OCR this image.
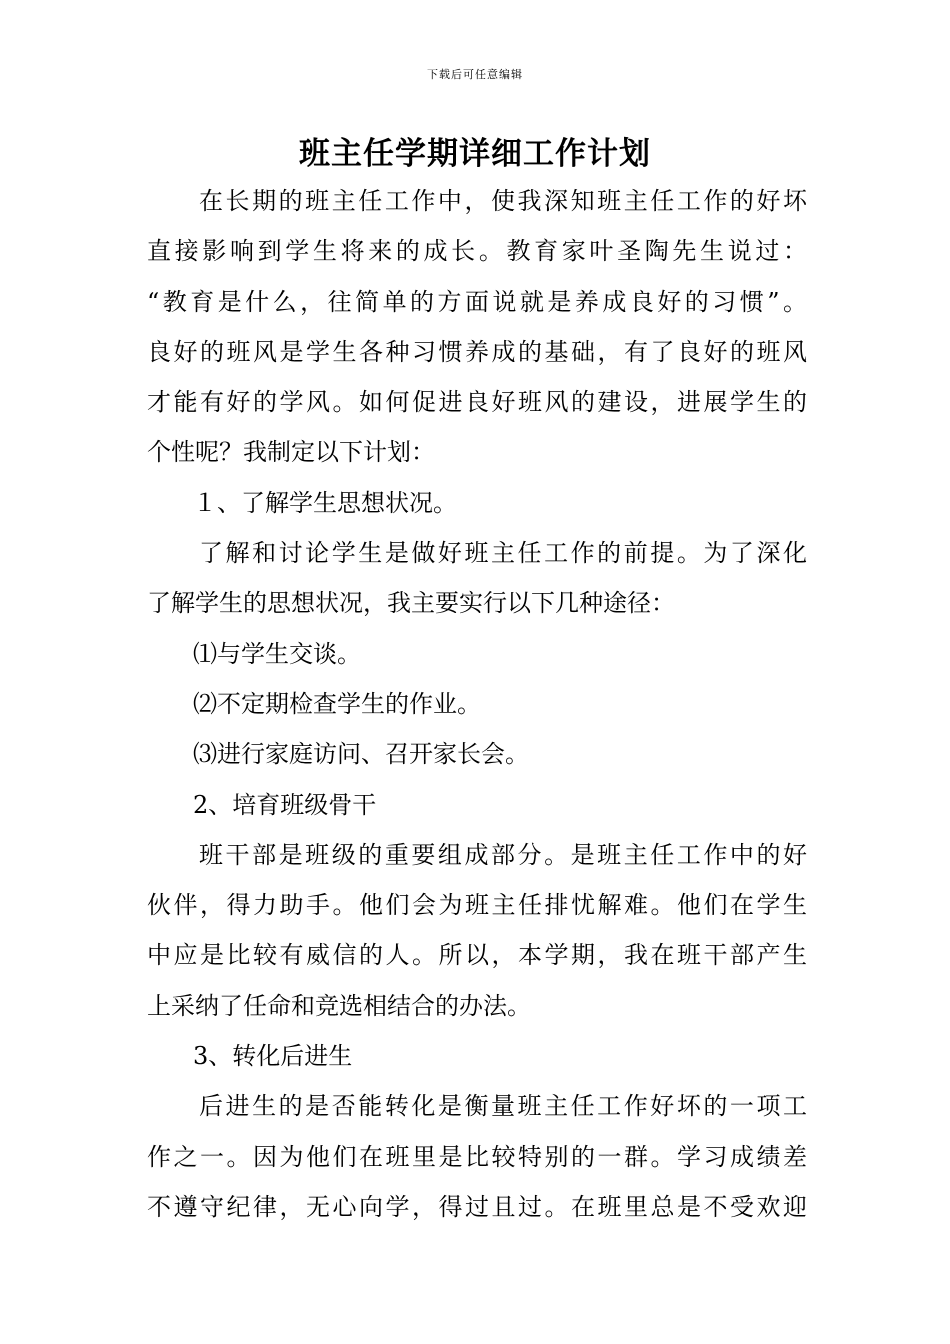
下载后可任意编辑
班主任学期详细工作计划
在长期的班主任工作中，使我深知班主任工作的好坏
直接影响到学生将来的成长。教育家叶圣陶先生说过：
“教育是什么，往简单的方面说就是养成良好的习惯”。
良好的班风是学生各种习惯养成的基础，有了良好的班风
才能有好的学风。如何促进良好班风的建设，进展学生的
个性呢？我制定以下计划：
１、了解学生思想状况。
了解和讨论学生是做好班主任工作的前提。为了深化
了解学生的思想状况，我主要实行以下几种途径：
⑴与学生交谈。
⑵不定期检查学生的作业。
⑶进行家庭访问、召开家长会。
2、培育班级骨干
班干部是班级的重要组成部分。是班主任工作中的好
伙伴，得力助手。他们会为班主任排忧解难。他们在学生
中应是比较有威信的人。所以，本学期，我在班干部产生
上采纳了任命和竞选相结合的办法。
3、转化后进生
后进生的是否能转化是衡量班主任工作好坏的一项工
作之一。因为他们在班里是比较特别的一群。学习成绩差
不遵守纪律，无心向学，得过且过。在班里总是不受欢迎
